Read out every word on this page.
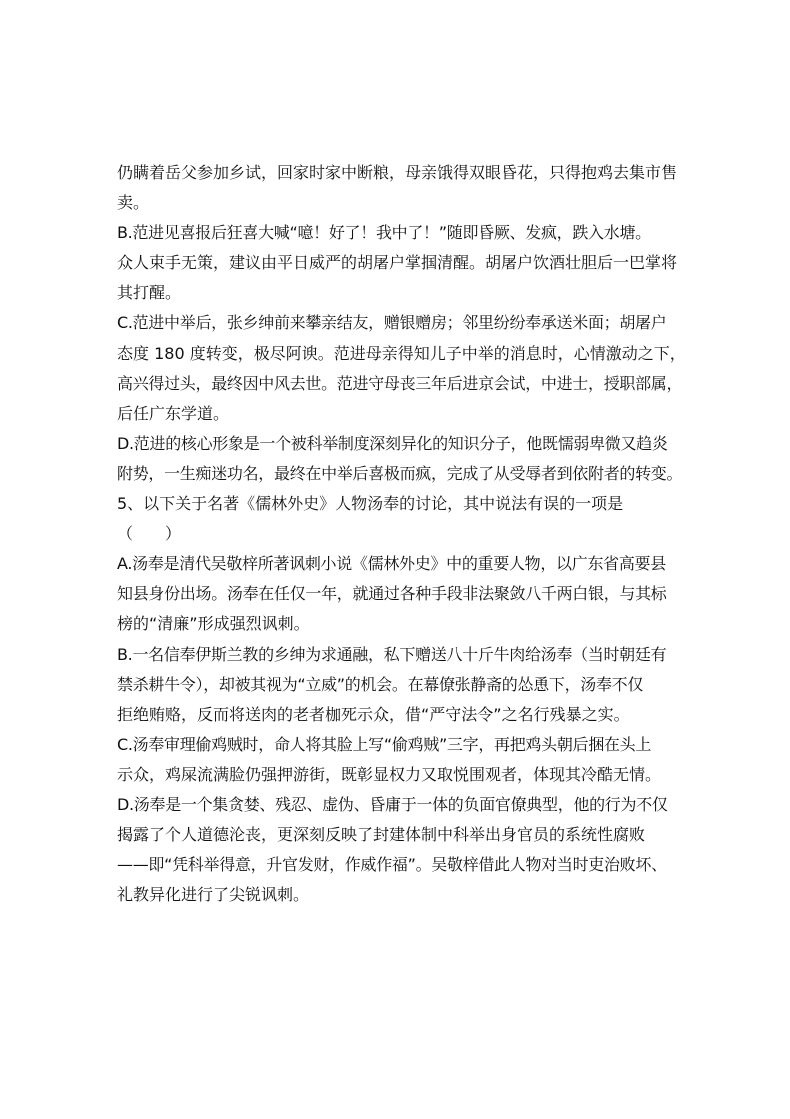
仍瞒着岳父参加乡试，回家时家中断粮，母亲饿得双眼昏花，只得抱鸡去集市售
卖。
B.范进见喜报后狂喜大喊“噫！好了！我中了！”随即昏厥、发疯，跌入水塘。
众人束手无策，建议由平日威严的胡屠户掌掴清醒。胡屠户饮酒壮胆后一巴掌将
其打醒。
C.范进中举后，张乡绅前来攀亲结友，赠银赠房；邻里纷纷奉承送米面；胡屠户
态度 180 度转变，极尽阿谀。范进母亲得知儿子中举的消息时，心情激动之下，
高兴得过头，最终因中风去世。范进守母丧三年后进京会试，中进士，授职部属，
后任广东学道。
D.范进的核心形象是一个被科举制度深刻异化的知识分子，他既懦弱卑微又趋炎
附势，一生痴迷功名，最终在中举后喜极而疯，完成了从受辱者到依附者的转变。
5、以下关于名著《儒林外史》人物汤奉的讨论，其中说法有误的一项是
（　　）
A.汤奉是清代吴敬梓所著讽刺小说《儒林外史》中的重要人物，以广东省高要县
知县身份出场。汤奉在任仅一年，就通过各种手段非法聚敛八千两白银，与其标
榜的“清廉”形成强烈讽刺。
B.一名信奉伊斯兰教的乡绅为求通融，私下赠送八十斤牛肉给汤奉（当时朝廷有
禁杀耕牛令），却被其视为“立威”的机会。在幕僚张静斋的怂恿下，汤奉不仅
拒绝贿赂，反而将送肉的老者枷死示众，借“严守法令”之名行残暴之实。
C.汤奉审理偷鸡贼时，命人将其脸上写“偷鸡贼”三字，再把鸡头朝后捆在头上
示众，鸡屎流满脸仍强押游街，既彰显权力又取悦围观者，体现其冷酷无情。
D.汤奉是一个集贪婪、残忍、虚伪、昏庸于一体的负面官僚典型，他的行为不仅
揭露了个人道德沦丧，更深刻反映了封建体制中科举出身官员的系统性腐败
——即“凭科举得意，升官发财，作威作福”。吴敬梓借此人物对当时吏治败坏、
礼教异化进行了尖锐讽刺。
